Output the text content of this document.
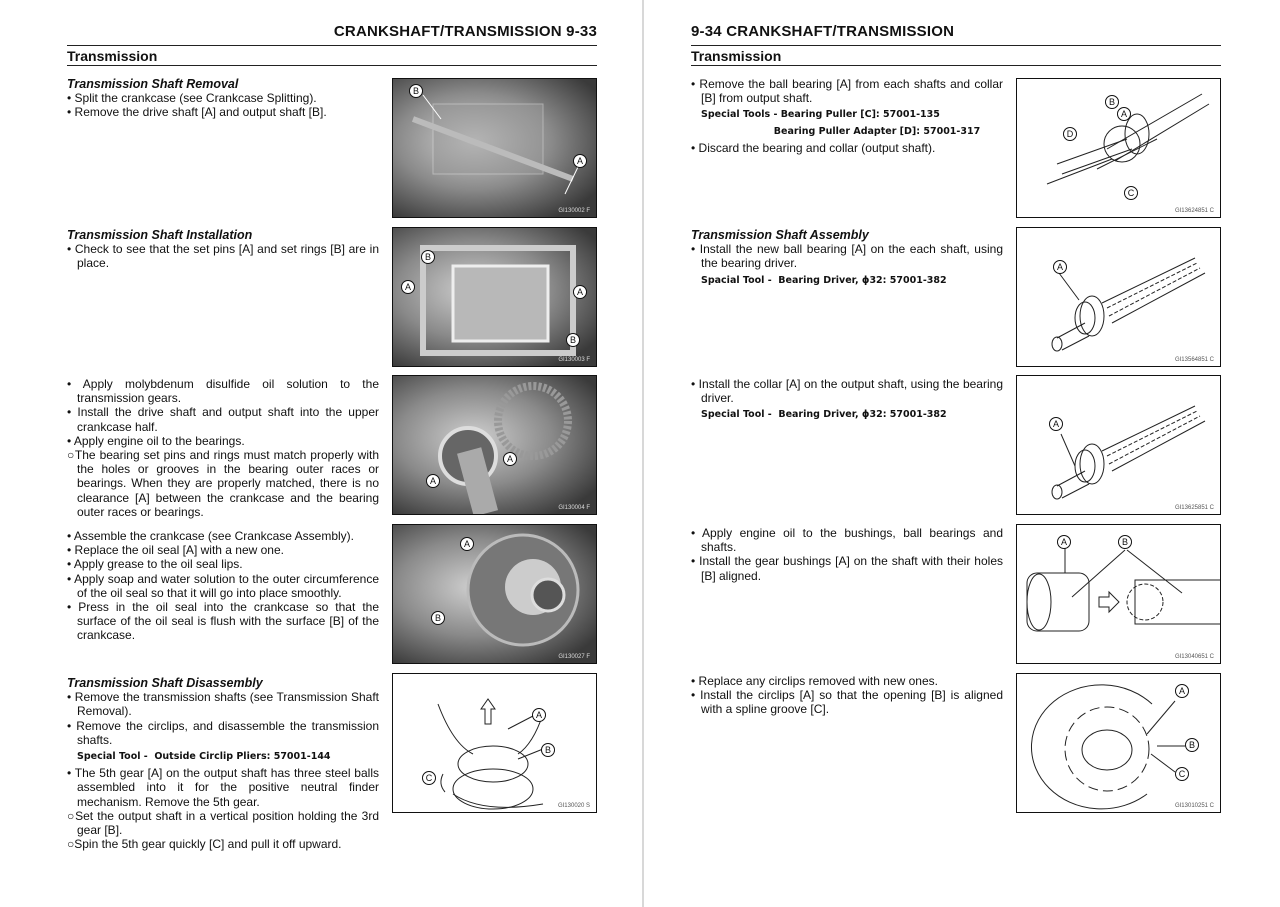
CRANKSHAFT/TRANSMISSION 9-33
Transmission
Transmission Shaft Removal
• Split the crankcase (see Crankcase Splitting).
• Remove the drive shaft [A] and output shaft [B].
Transmission Shaft Installation
• Check to see that the set pins [A] and set rings [B] are in place.
• Apply molybdenum disulfide oil solution to the transmission gears.
• Install the drive shaft and output shaft into the upper crankcase half.
• Apply engine oil to the bearings.
○The bearing set pins and rings must match properly with the holes or grooves in the bearing outer races or bearings. When they are properly matched, there is no clearance [A] between the crankcase and the bearing outer races or bearings.
• Assemble the crankcase (see Crankcase Assembly).
• Replace the oil seal [A] with a new one.
• Apply grease to the oil seal lips.
• Apply soap and water solution to the outer circumference of the oil seal so that it will go into place smoothly.
• Press in the oil seal into the crankcase so that the surface of the oil seal is flush with the surface [B] of the crankcase.
Transmission Shaft Disassembly
• Remove the transmission shafts (see Transmission Shaft Removal).
• Remove the circlips, and disassemble the transmission shafts.
Special Tool -  Outside Circlip Pliers: 57001-144
• The 5th gear [A] on the output shaft has three steel balls assembled into it for the positive neutral finder mechanism. Remove the 5th gear.
○Set the output shaft in a vertical position holding the 3rd gear [B].
○Spin the 5th gear quickly [C] and pull it off upward.
B
A
GI130002 F
B
A	A
B
GI130003 F
A
A
GI130004 F
A
B
GI130027 F
A
B
C
GI130020 S
9-34 CRANKSHAFT/TRANSMISSION
Transmission
• Remove the ball bearing [A] from each shafts and collar [B] from output shaft.
Special Tools - Bearing Puller [C]: 57001-135
Bearing Puller Adapter [D]: 57001-317
• Discard the bearing and collar (output shaft).
Transmission Shaft Assembly
• Install the new ball bearing [A] on the each shaft, using the bearing driver.
Spacial Tool -  Bearing Driver, ϕ32: 57001-382
• Install the collar [A] on the output shaft, using the bearing driver.
Special Tool -  Bearing Driver, ϕ32: 57001-382
• Apply engine oil to the bushings, ball bearings and shafts.
• Install the gear bushings [A] on the shaft with their holes [B] aligned.
• Replace any circlips removed with new ones.
• Install the circlips [A] so that the opening [B] is aligned with a spline groove [C].
B
A
D
C
GI13624851 C
A
GI13564851 C
A
GI13625851 C
A	B
GI13040651 C
A
B
C
GI13010251 C
